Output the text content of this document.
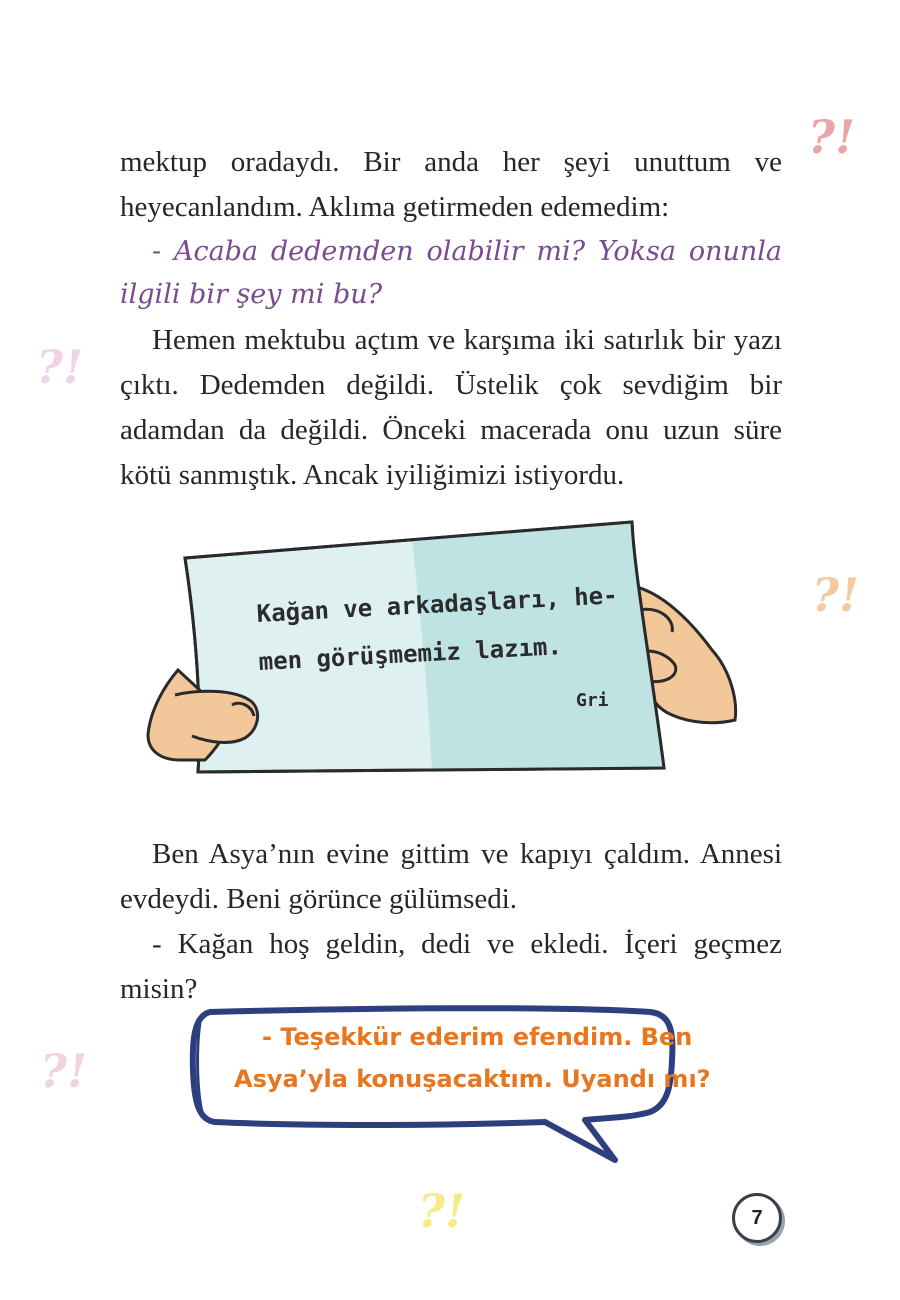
?!
?!
?!
?!
?!

mektup oradaydı. Bir anda her şeyi unuttum ve heyecanlandım. Aklıma getirmeden edemedim:

- Acaba dedemden olabilir mi? Yoksa onunla ilgili bir şey mi bu?

Hemen mektubu açtım ve karşıma iki satırlık bir yazı çıktı. Dedemden değildi. Üstelik çok sevdiğim bir adamdan da değildi. Önceki macerada onu uzun süre kötü sanmıştık. Ancak iyiliğimizi istiyordu.

Kağan ve arkadaşları, he-
men görüşmemiz lazım.
Gri

Ben Asya’nın evine gittim ve kapıyı çaldım. Annesi evdeydi. Beni görünce gülümsedi.

- Kağan hoş geldin, dedi ve ekledi. İçeri geçmez misin?

- Teşekkür ederim efendim. Ben
Asya’yla konuşacaktım. Uyandı mı?
7
